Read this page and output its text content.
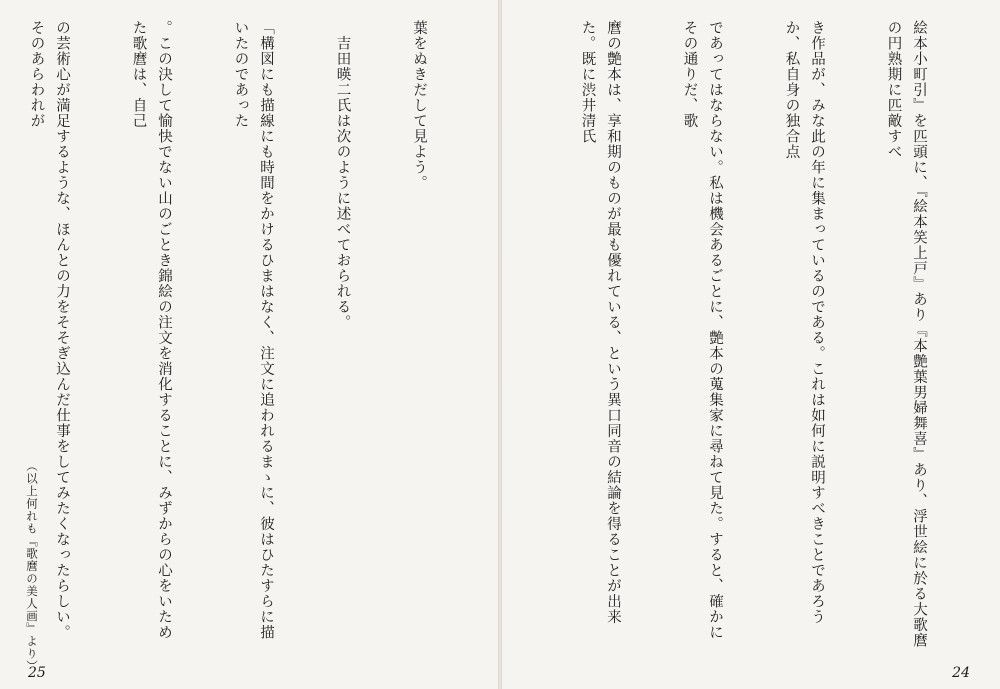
葉をぬきだして見よう。

　吉田暎二氏は次のように述べておられる。

「構図にも描線にも時間をかけるひまはなく、注文に追われるまゝに、彼はひたすらに描いたのであった

。この決して愉快でない山のごとき錦絵の注文を消化することに、みずからの心をいためた歌麿は、自己

の芸術心が満足するような、ほんとの力をそそぎ込んだ仕事をしてみたくなったらしい。そのあらわれが

（以上何れも『歌麿の美人画』より）
25

絵本小町引』を匹頭に、『絵本笑上戸』あり『本艶葉男婦舞喜』あり、浮世絵に於る大歌麿の円熟期に匹敵すべ

き作品が、みな此の年に集まっているのである。これは如何に説明すべきことであろうか、私自身の独合点

であってはならない。私は機会あるごとに、艶本の蒐集家に尋ねて見た。すると、確かにその通りだ、歌

麿の艶本は、享和期のものが最も優れている、という異口同音の結論を得ることが出来た。既に渋井清氏

24
